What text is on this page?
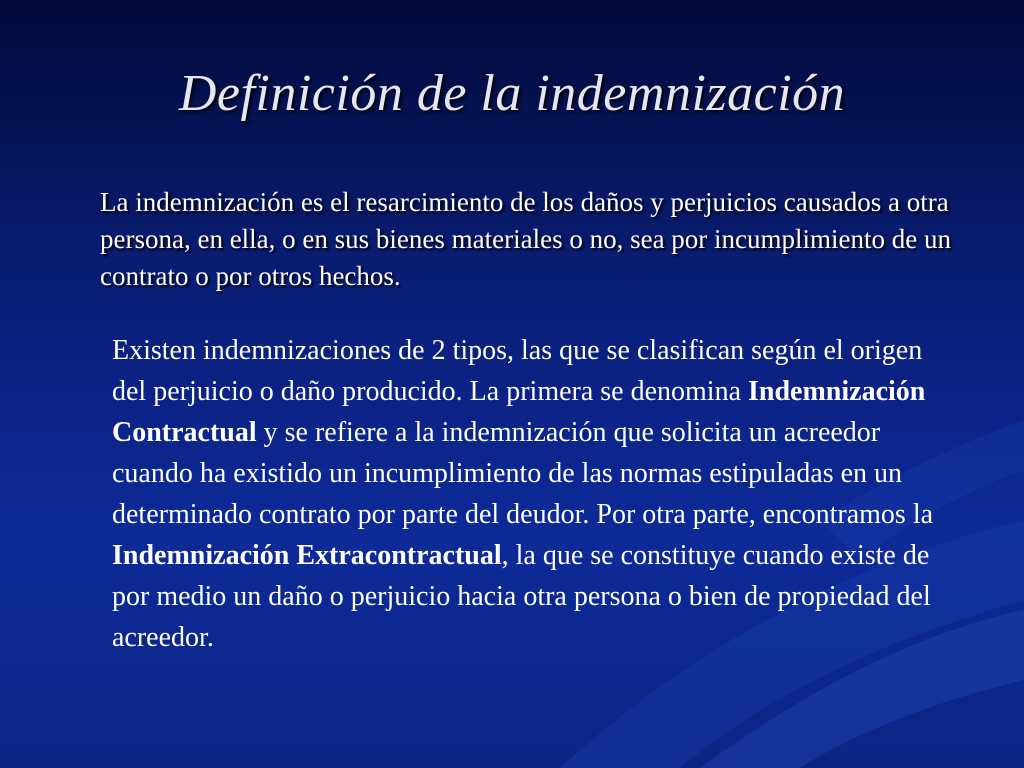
Definición de la indemnización

La indemnización es el resarcimiento de los daños y perjuicios causados a otra persona, en ella, o en sus bienes materiales o no, sea por incumplimiento de un contrato o por otros hechos.

Existen indemnizaciones de 2 tipos, las que se clasifican según el origen del perjuicio o daño producido. La primera se denomina Indemnización Contractual y se refiere a la indemnización que solicita un acreedor cuando ha existido un incumplimiento de las normas estipuladas en un determinado contrato por parte del deudor. Por otra parte, encontramos la Indemnización Extracontractual, la que se constituye cuando existe de por medio un daño o perjuicio hacia otra persona o bien de propiedad del acreedor.
